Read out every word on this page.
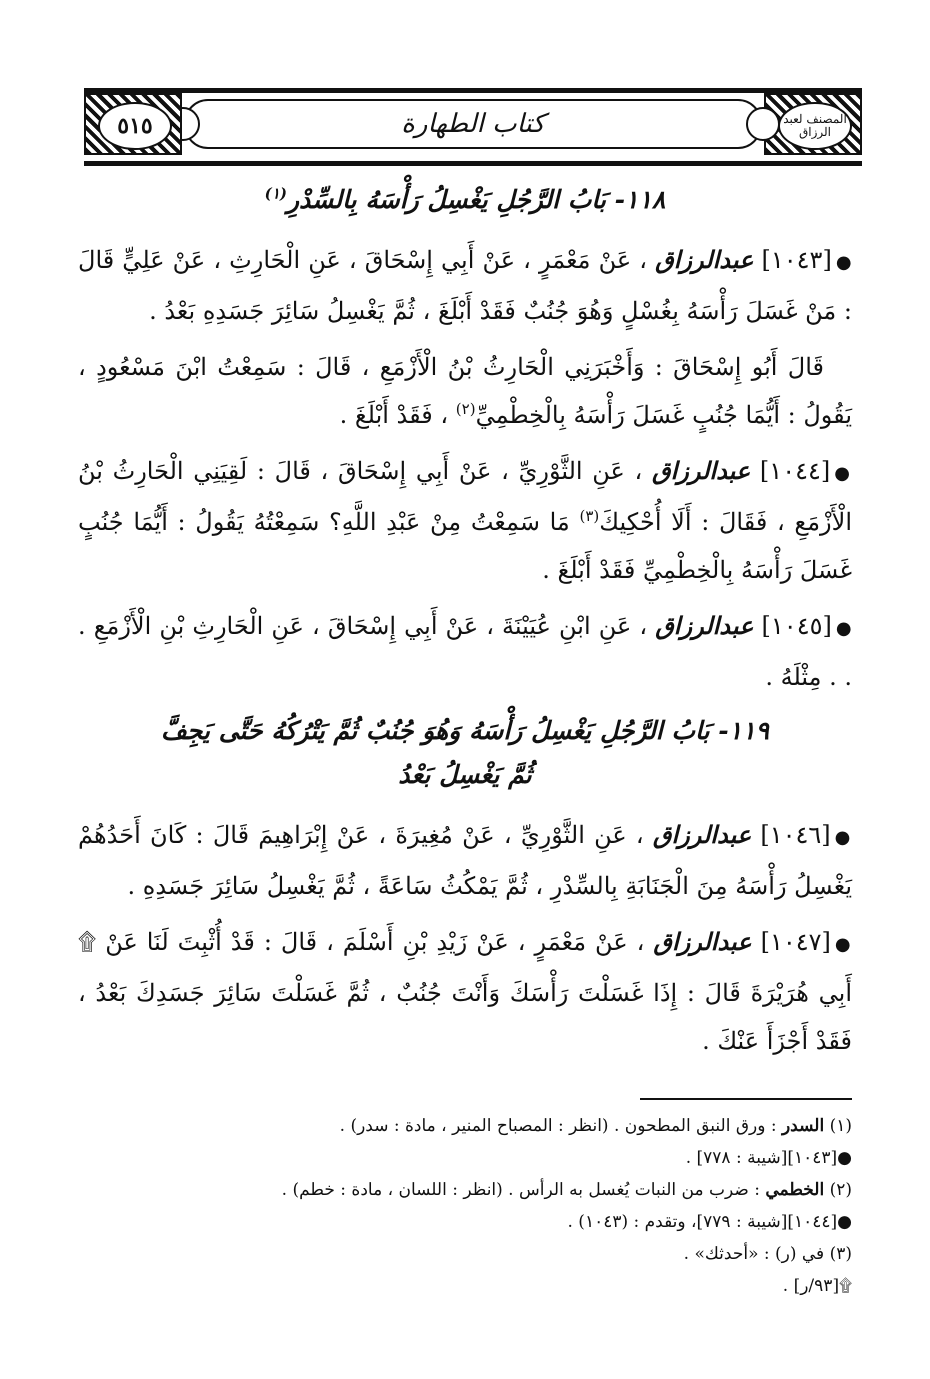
المصنف لعبد الرزاق
كتاب الطهارة
٥١٥
١١٨- بَابُ الرَّجُلِ يَغْسِلُ رَأْسَهُ بِالسِّدْرِ$^{(١)}$

●[١٠٤٣] عبدالرزاق ، عَنْ مَعْمَرٍ ، عَنْ أَبِي إِسْحَاقَ ، عَنِ الْحَارِثِ ، عَنْ عَلِيٍّ قَالَ : مَنْ غَسَلَ رَأْسَهُ بِغُسْلٍ وَهُوَ جُنُبٌ فَقَدْ أَبْلَغَ ، ثُمَّ يَغْسِلُ سَائِرَ جَسَدِهِ بَعْدُ .

قَالَ أَبُو إِسْحَاقَ : وَأَخْبَرَنِي الْحَارِثُ بْنُ الْأَزْمَعِ ، قَالَ : سَمِعْتُ ابْنَ مَسْعُودٍ ، يَقُولُ : أَيُّمَا جُنُبٍ غَسَلَ رَأْسَهُ بِالْخِطْمِيِّ$^{(٢)}$ ، فَقَدْ أَبْلَغَ .

●[١٠٤٤] عبدالرزاق ، عَنِ الثَّوْرِيِّ ، عَنْ أَبِي إِسْحَاقَ ، قَالَ : لَقِيَنِي الْحَارِثُ بْنُ الْأَزْمَعِ ، فَقَالَ : أَلَا أُحْكِيكَ$^{(٣)}$ مَا سَمِعْتُ مِنْ عَبْدِ اللَّهِ؟ سَمِعْتُهُ يَقُولُ : أَيُّمَا جُنُبٍ غَسَلَ رَأْسَهُ بِالْخِطْمِيِّ فَقَدْ أَبْلَغَ .

●[١٠٤٥] عبدالرزاق ، عَنِ ابْنِ عُيَيْنَةَ ، عَنْ أَبِي إِسْحَاقَ ، عَنِ الْحَارِثِ بْنِ الْأَزْمَعِ . . . مِثْلَهُ .

١١٩- بَابُ الرَّجُلِ يَغْسِلُ رَأْسَهُ وَهُوَ جُنُبٌ ثُمَّ يَتْرُكُهُ حَتَّى يَجِفَّ
ثُمَّ يَغْسِلُ بَعْدُ

●[١٠٤٦] عبدالرزاق ، عَنِ الثَّوْرِيِّ ، عَنْ مُغِيرَةَ ، عَنْ إِبْرَاهِيمَ قَالَ : كَانَ أَحَدُهُمْ يَغْسِلُ رَأْسَهُ مِنَ الْجَنَابَةِ بِالسِّدْرِ ، ثُمَّ يَمْكُثُ سَاعَةً ، ثُمَّ يَغْسِلُ سَائِرَ جَسَدِهِ .

●[١٠٤٧] عبدالرزاق ، عَنْ مَعْمَرٍ ، عَنْ زَيْدِ بْنِ أَسْلَمَ ، قَالَ : قَدْ أُثْبِتَ لَنَا عَنْ ۩ أَبِي هُرَيْرَةَ قَالَ : إِذَا غَسَلْتَ رَأْسَكَ وَأَنْتَ جُنُبٌ ، ثُمَّ غَسَلْتَ سَائِرَ جَسَدِكَ بَعْدُ ، فَقَدْ أَجْزَأَ عَنْكَ .

(١) السدر : ورق النبق المطحون . (انظر : المصباح المنير ، مادة : سدر) .

●[١٠٤٣][شيبة : ٧٧٨] .

(٢) الخطمي : ضرب من النبات يُغسل به الرأس . (انظر : اللسان ، مادة : خطم) .

●[١٠٤٤][شيبة : ٧٧٩]، وتقدم : (١٠٤٣) .

(٣) في (ر) : «أحدثك» .

۩[٩٣/ر] .
